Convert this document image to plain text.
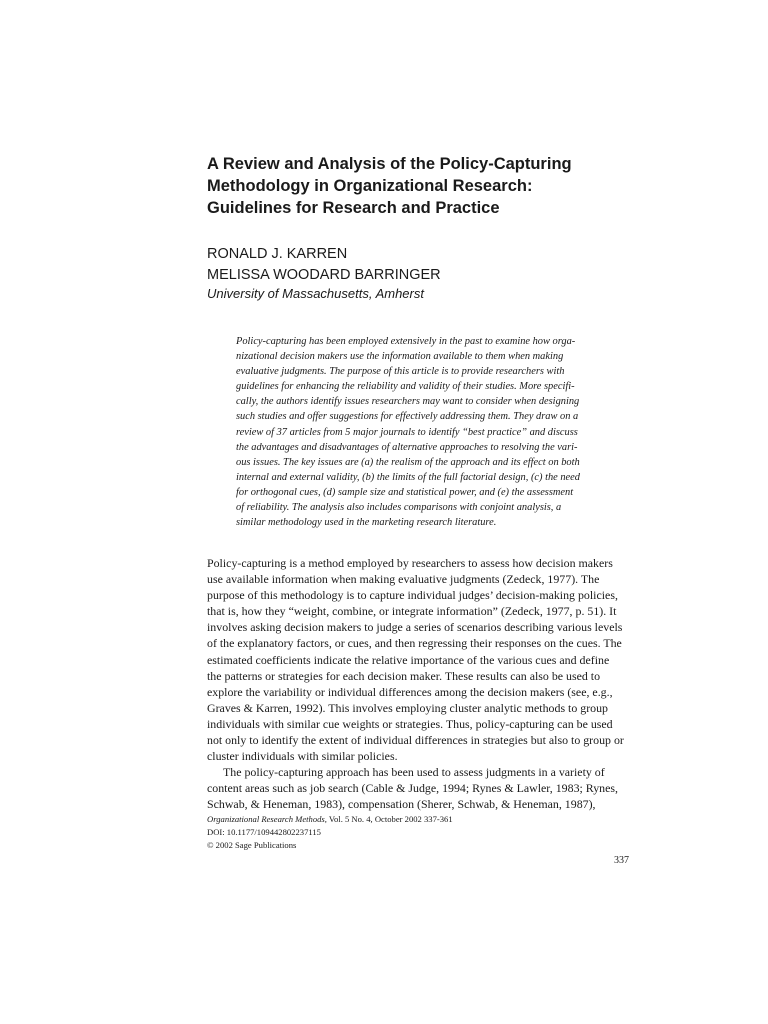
A Review and Analysis of the Policy-Capturing
Methodology in Organizational Research:
Guidelines for Research and Practice
RONALD J. KARREN
MELISSA WOODARD BARRINGER
University of Massachusetts, Amherst
Policy-capturing has been employed extensively in the past to examine how orga-
nizational decision makers use the information available to them when making
evaluative judgments. The purpose of this article is to provide researchers with
guidelines for enhancing the reliability and validity of their studies. More specifi-
cally, the authors identify issues researchers may want to consider when designing
such studies and offer suggestions for effectively addressing them. They draw on a
review of 37 articles from 5 major journals to identify “best practice” and discuss
the advantages and disadvantages of alternative approaches to resolving the vari-
ous issues. The key issues are (a) the realism of the approach and its effect on both
internal and external validity, (b) the limits of the full factorial design, (c) the need
for orthogonal cues, (d) sample size and statistical power, and (e) the assessment
of reliability. The analysis also includes comparisons with conjoint analysis, a
similar methodology used in the marketing research literature.
Policy-capturing is a method employed by researchers to assess how decision makers
use available information when making evaluative judgments (Zedeck, 1977). The
purpose of this methodology is to capture individual judges’ decision-making policies,
that is, how they “weight, combine, or integrate information” (Zedeck, 1977, p. 51). It
involves asking decision makers to judge a series of scenarios describing various levels
of the explanatory factors, or cues, and then regressing their responses on the cues. The
estimated coefficients indicate the relative importance of the various cues and define
the patterns or strategies for each decision maker. These results can also be used to
explore the variability or individual differences among the decision makers (see, e.g.,
Graves & Karren, 1992). This involves employing cluster analytic methods to group
individuals with similar cue weights or strategies. Thus, policy-capturing can be used
not only to identify the extent of individual differences in strategies but also to group or
cluster individuals with similar policies.
The policy-capturing approach has been used to assess judgments in a variety of
content areas such as job search (Cable & Judge, 1994; Rynes & Lawler, 1983; Rynes,
Schwab, & Heneman, 1983), compensation (Sherer, Schwab, & Heneman, 1987),
Organizational Research Methods, Vol. 5 No. 4, October 2002 337-361
DOI: 10.1177/109442802237115
© 2002 Sage Publications
337
